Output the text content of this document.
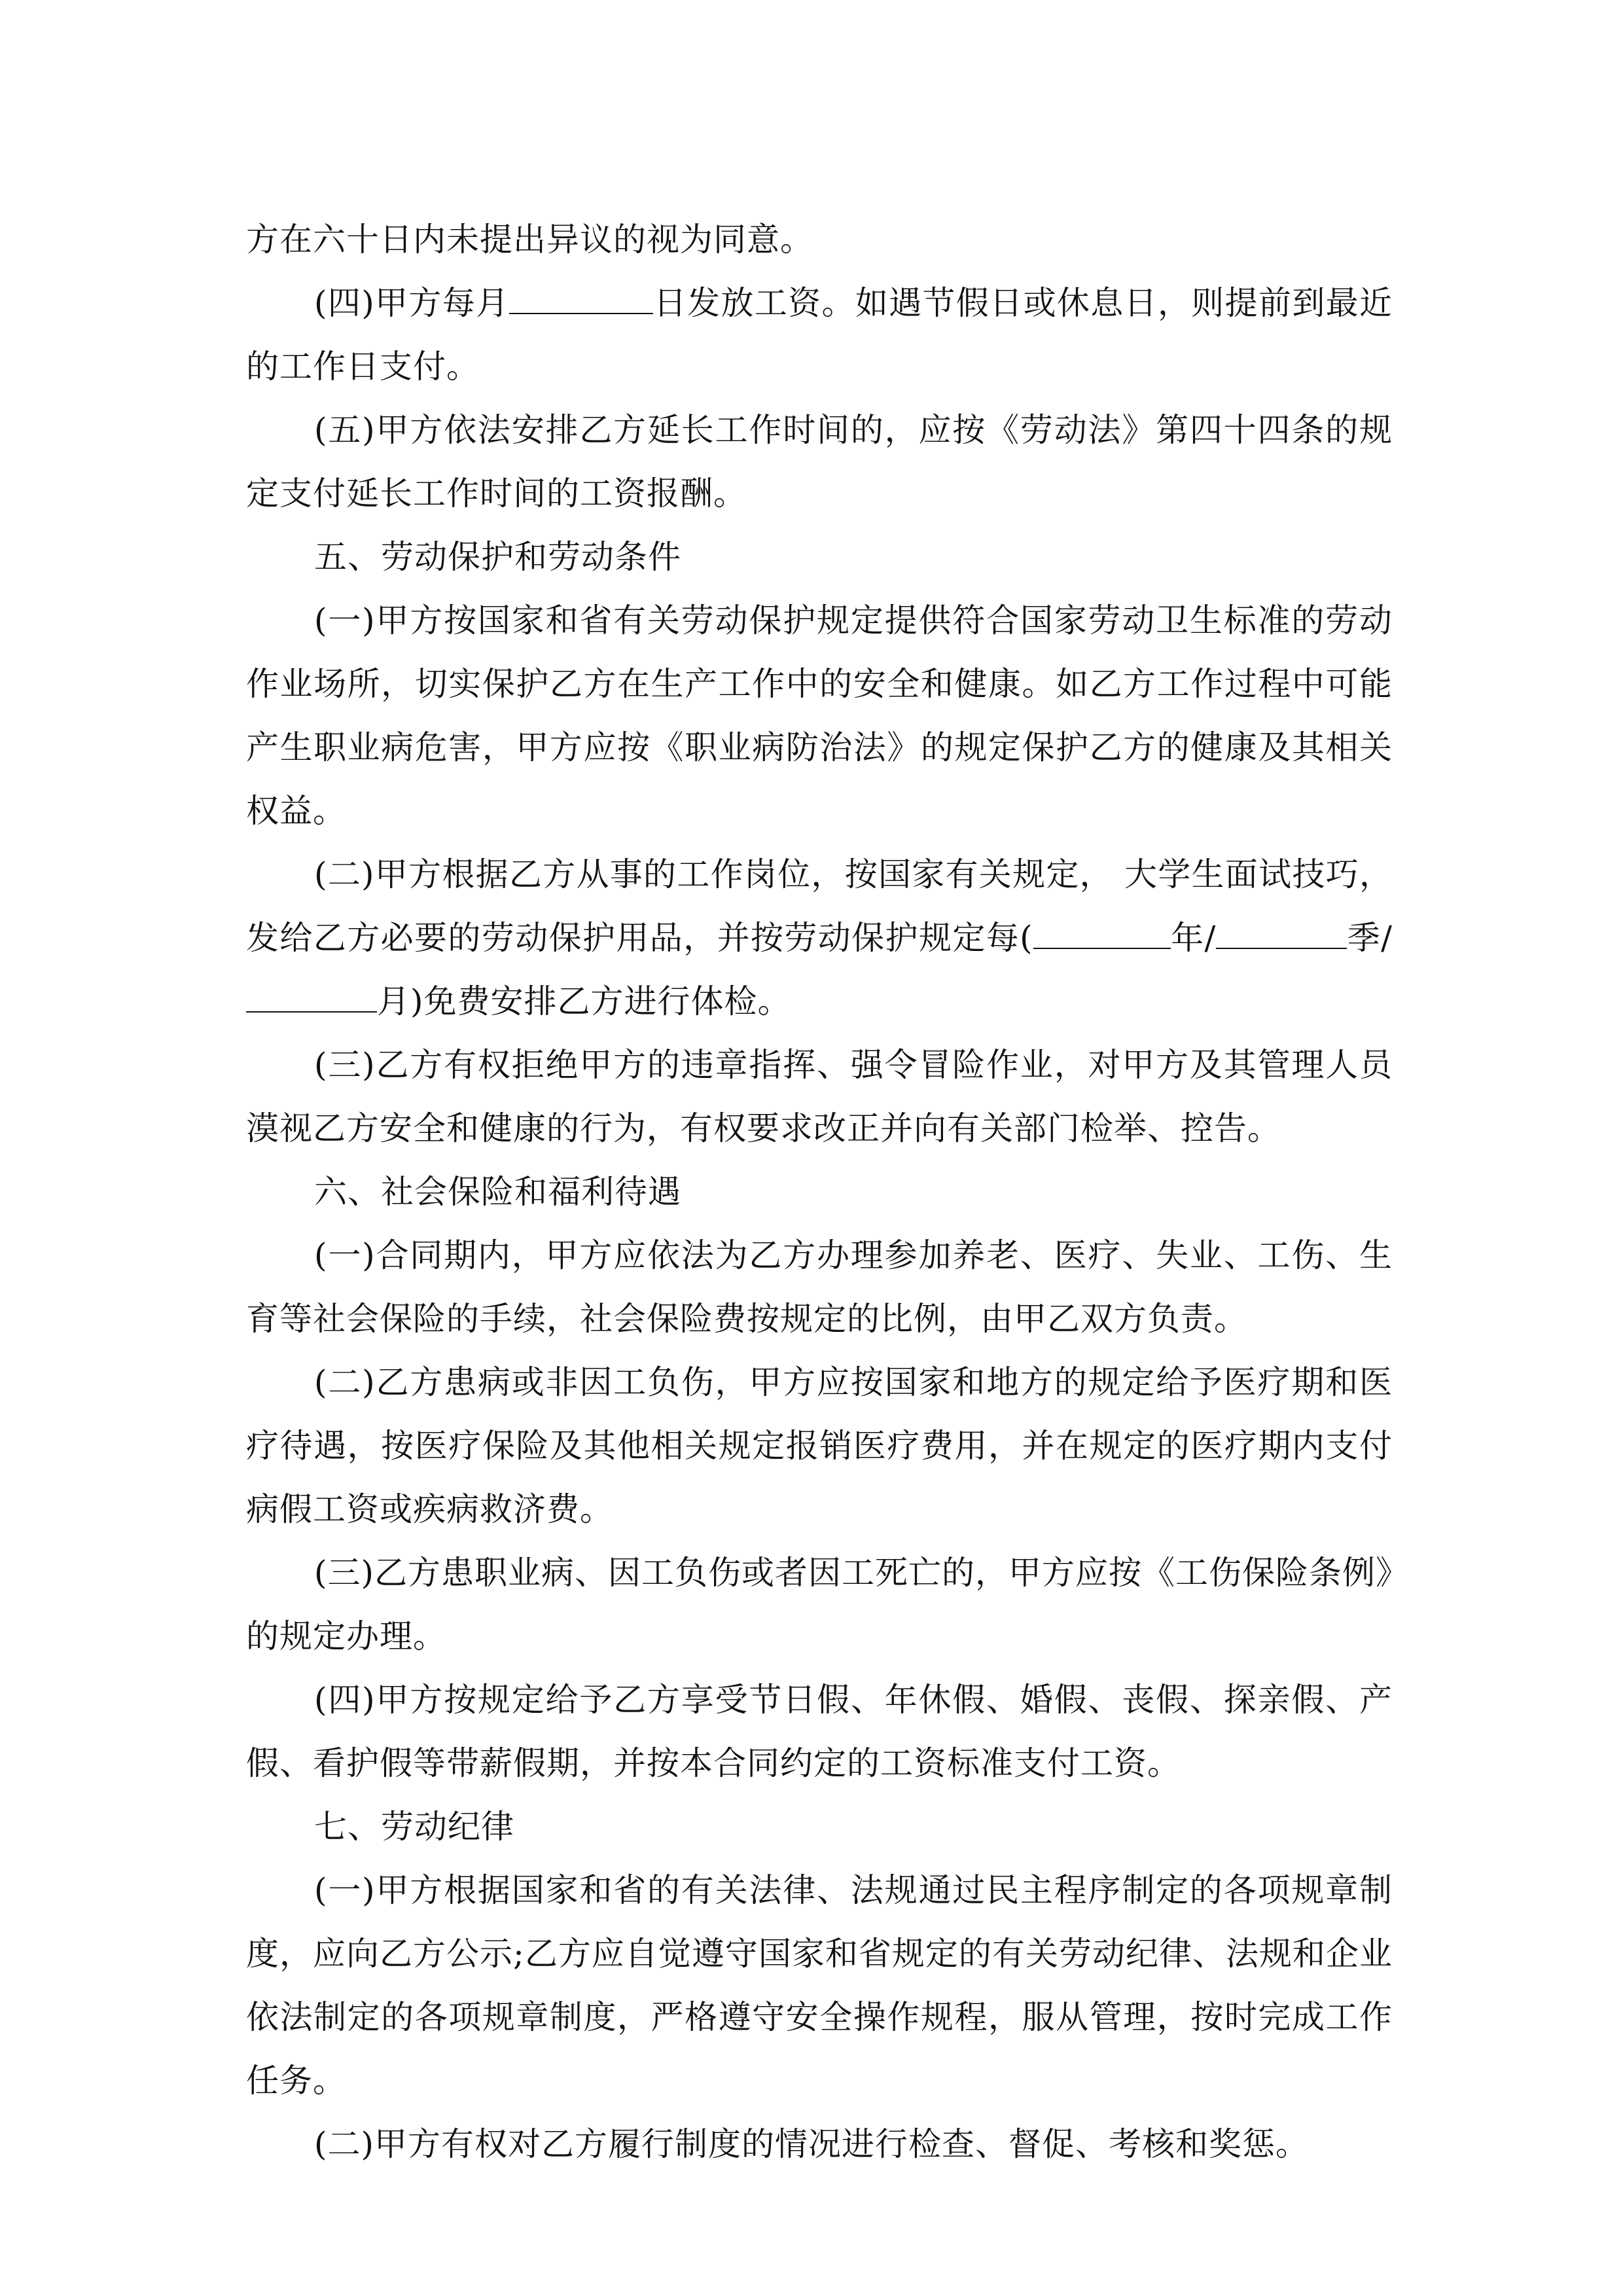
方在六十日内未提出异议的视为同意。

(四)甲方每月	日发放工资。如遇节假日或休息日，则提前到最近的工作日支付。

(五)甲方依法安排乙方延长工作时间的，应按《劳动法》第四十四条的规定支付延长工作时间的工资报酬。

五、劳动保护和劳动条件

(一)甲方按国家和省有关劳动保护规定提供符合国家劳动卫生标准的劳动作业场所，切实保护乙方在生产工作中的安全和健康。如乙方工作过程中可能产生职业病危害，甲方应按《职业病防治法》的规定保护乙方的健康及其相关权益。

(二)甲方根据乙方从事的工作岗位，按国家有关规定， 大学生面试技巧，发给乙方必要的劳动保护用品，并按劳动保护规定每(	年/	季/月)免费安排乙方进行体检。

(三)乙方有权拒绝甲方的违章指挥、强令冒险作业，对甲方及其管理人员漠视乙方安全和健康的行为，有权要求改正并向有关部门检举、控告。

六、社会保险和福利待遇

(一)合同期内，甲方应依法为乙方办理参加养老、医疗、失业、工伤、生育等社会保险的手续，社会保险费按规定的比例，由甲乙双方负责。

(二)乙方患病或非因工负伤，甲方应按国家和地方的规定给予医疗期和医疗待遇，按医疗保险及其他相关规定报销医疗费用，并在规定的医疗期内支付病假工资或疾病救济费。

(三)乙方患职业病、因工负伤或者因工死亡的，甲方应按《工伤保险条例》的规定办理。

(四)甲方按规定给予乙方享受节日假、年休假、婚假、丧假、探亲假、产假、看护假等带薪假期，并按本合同约定的工资标准支付工资。

七、劳动纪律

(一)甲方根据国家和省的有关法律、法规通过民主程序制定的各项规章制度，应向乙方公示;乙方应自觉遵守国家和省规定的有关劳动纪律、法规和企业依法制定的各项规章制度，严格遵守安全操作规程，服从管理，按时完成工作任务。

(二)甲方有权对乙方履行制度的情况进行检查、督促、考核和奖惩。
